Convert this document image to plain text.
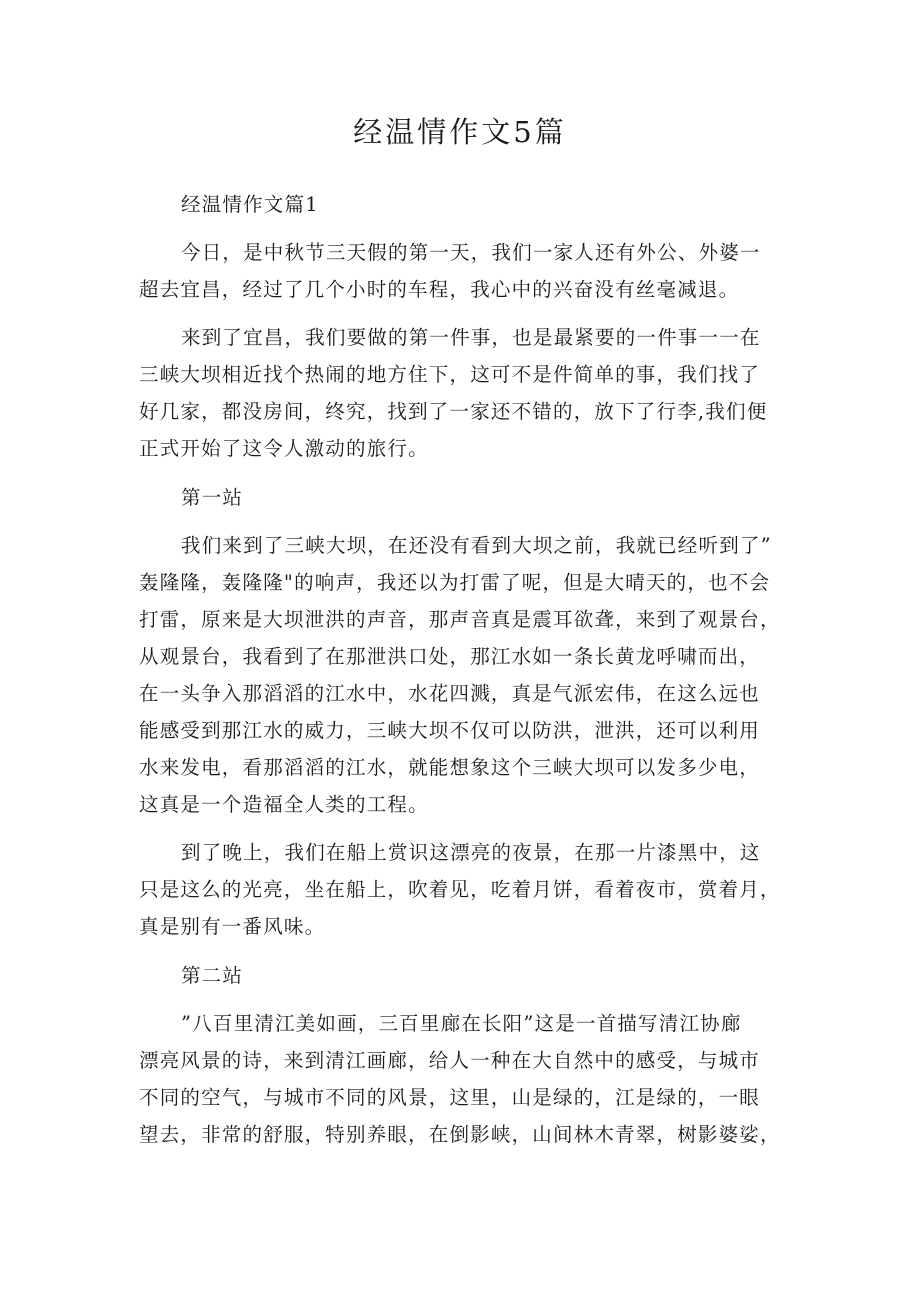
经温情作文5篇
经温情作文篇1
今日，是中秋节三天假的第一天，我们一家人还有外公、外婆一
超去宜昌，经过了几个小时的车程，我心中的兴奋没有丝毫减退。
来到了宜昌，我们要做的第一件事，也是最紧要的一件事一一在
三峡大坝相近找个热闹的地方住下，这可不是件简单的事，我们找了
好几家，都没房间，终究，找到了一家还不错的，放下了行李,我们便
正式开始了这令人激动的旅行。
第一站
我们来到了三峡大坝，在还没有看到大坝之前，我就已经听到了”
轰隆隆，轰隆隆"的响声，我还以为打雷了呢，但是大晴天的，也不会
打雷，原来是大坝泄洪的声音，那声音真是震耳欲聋，来到了观景台，
从观景台，我看到了在那泄洪口处，那江水如一条长黄龙呼啸而出，
在一头争入那滔滔的江水中，水花四溅，真是气派宏伟，在这么远也
能感受到那江水的威力，三峡大坝不仅可以防洪，泄洪，还可以利用
水来发电，看那滔滔的江水，就能想象这个三峡大坝可以发多少电，
这真是一个造福全人类的工程。
到了晚上，我们在船上赏识这漂亮的夜景，在那一片漆黑中，这
只是这么的光亮，坐在船上，吹着见，吃着月饼，看着夜市，赏着月，
真是别有一番风味。
第二站
”八百里清江美如画，三百里廊在长阳”这是一首描写清江协廊
漂亮风景的诗，来到清江画廊，给人一种在大自然中的感受，与城市
不同的空气，与城市不同的风景，这里，山是绿的，江是绿的，一眼
望去，非常的舒服，特别养眼，在倒影峡，山间林木青翠，树影婆娑，
